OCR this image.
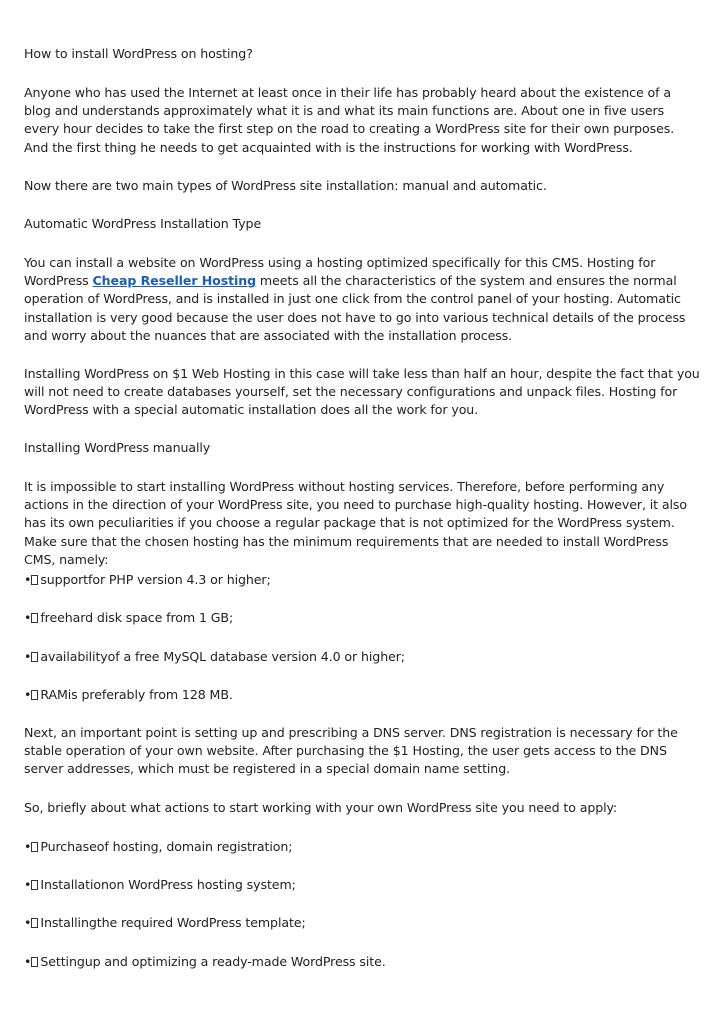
How to install WordPress on hosting?
Anyone who has used the Internet at least once in their life has probably heard about the existence of a blog and understands approximately what it is and what its main functions are. About one in five users every hour decides to take the first step on the road to creating a WordPress site for their own purposes. And the first thing he needs to get acquainted with is the instructions for working with WordPress.
Now there are two main types of WordPress site installation: manual and automatic.
Automatic WordPress Installation Type
You can install a website on WordPress using a hosting optimized specifically for this CMS. Hosting for WordPress Cheap Reseller Hosting meets all the characteristics of the system and ensures the normal operation of WordPress, and is installed in just one click from the control panel of your hosting. Automatic installation is very good because the user does not have to go into various technical details of the process and worry about the nuances that are associated with the installation process.
Installing WordPress on $1 Web Hosting in this case will take less than half an hour, despite the fact that you will not need to create databases yourself, set the necessary configurations and unpack files. Hosting for WordPress with a special automatic installation does all the work for you.
Installing WordPress manually
It is impossible to start installing WordPress without hosting services. Therefore, before performing any actions in the direction of your WordPress site, you need to purchase high-quality hosting. However, it also has its own peculiarities if you choose a regular package that is not optimized for the WordPress system. Make sure that the chosen hosting has the minimum requirements that are needed to install WordPress CMS, namely:
• supportfor PHP version 4.3 or higher;
• freehard disk space from 1 GB;
• availabilityof a free MySQL database version 4.0 or higher;
• RAMis preferably from 128 MB.
Next, an important point is setting up and prescribing a DNS server. DNS registration is necessary for the stable operation of your own website. After purchasing the $1 Hosting, the user gets access to the DNS server addresses, which must be registered in a special domain name setting.
So, briefly about what actions to start working with your own WordPress site you need to apply:
• Purchaseof hosting, domain registration;
• Installationon WordPress hosting system;
• Installingthe required WordPress template;
• Settingup and optimizing a ready-made WordPress site.
